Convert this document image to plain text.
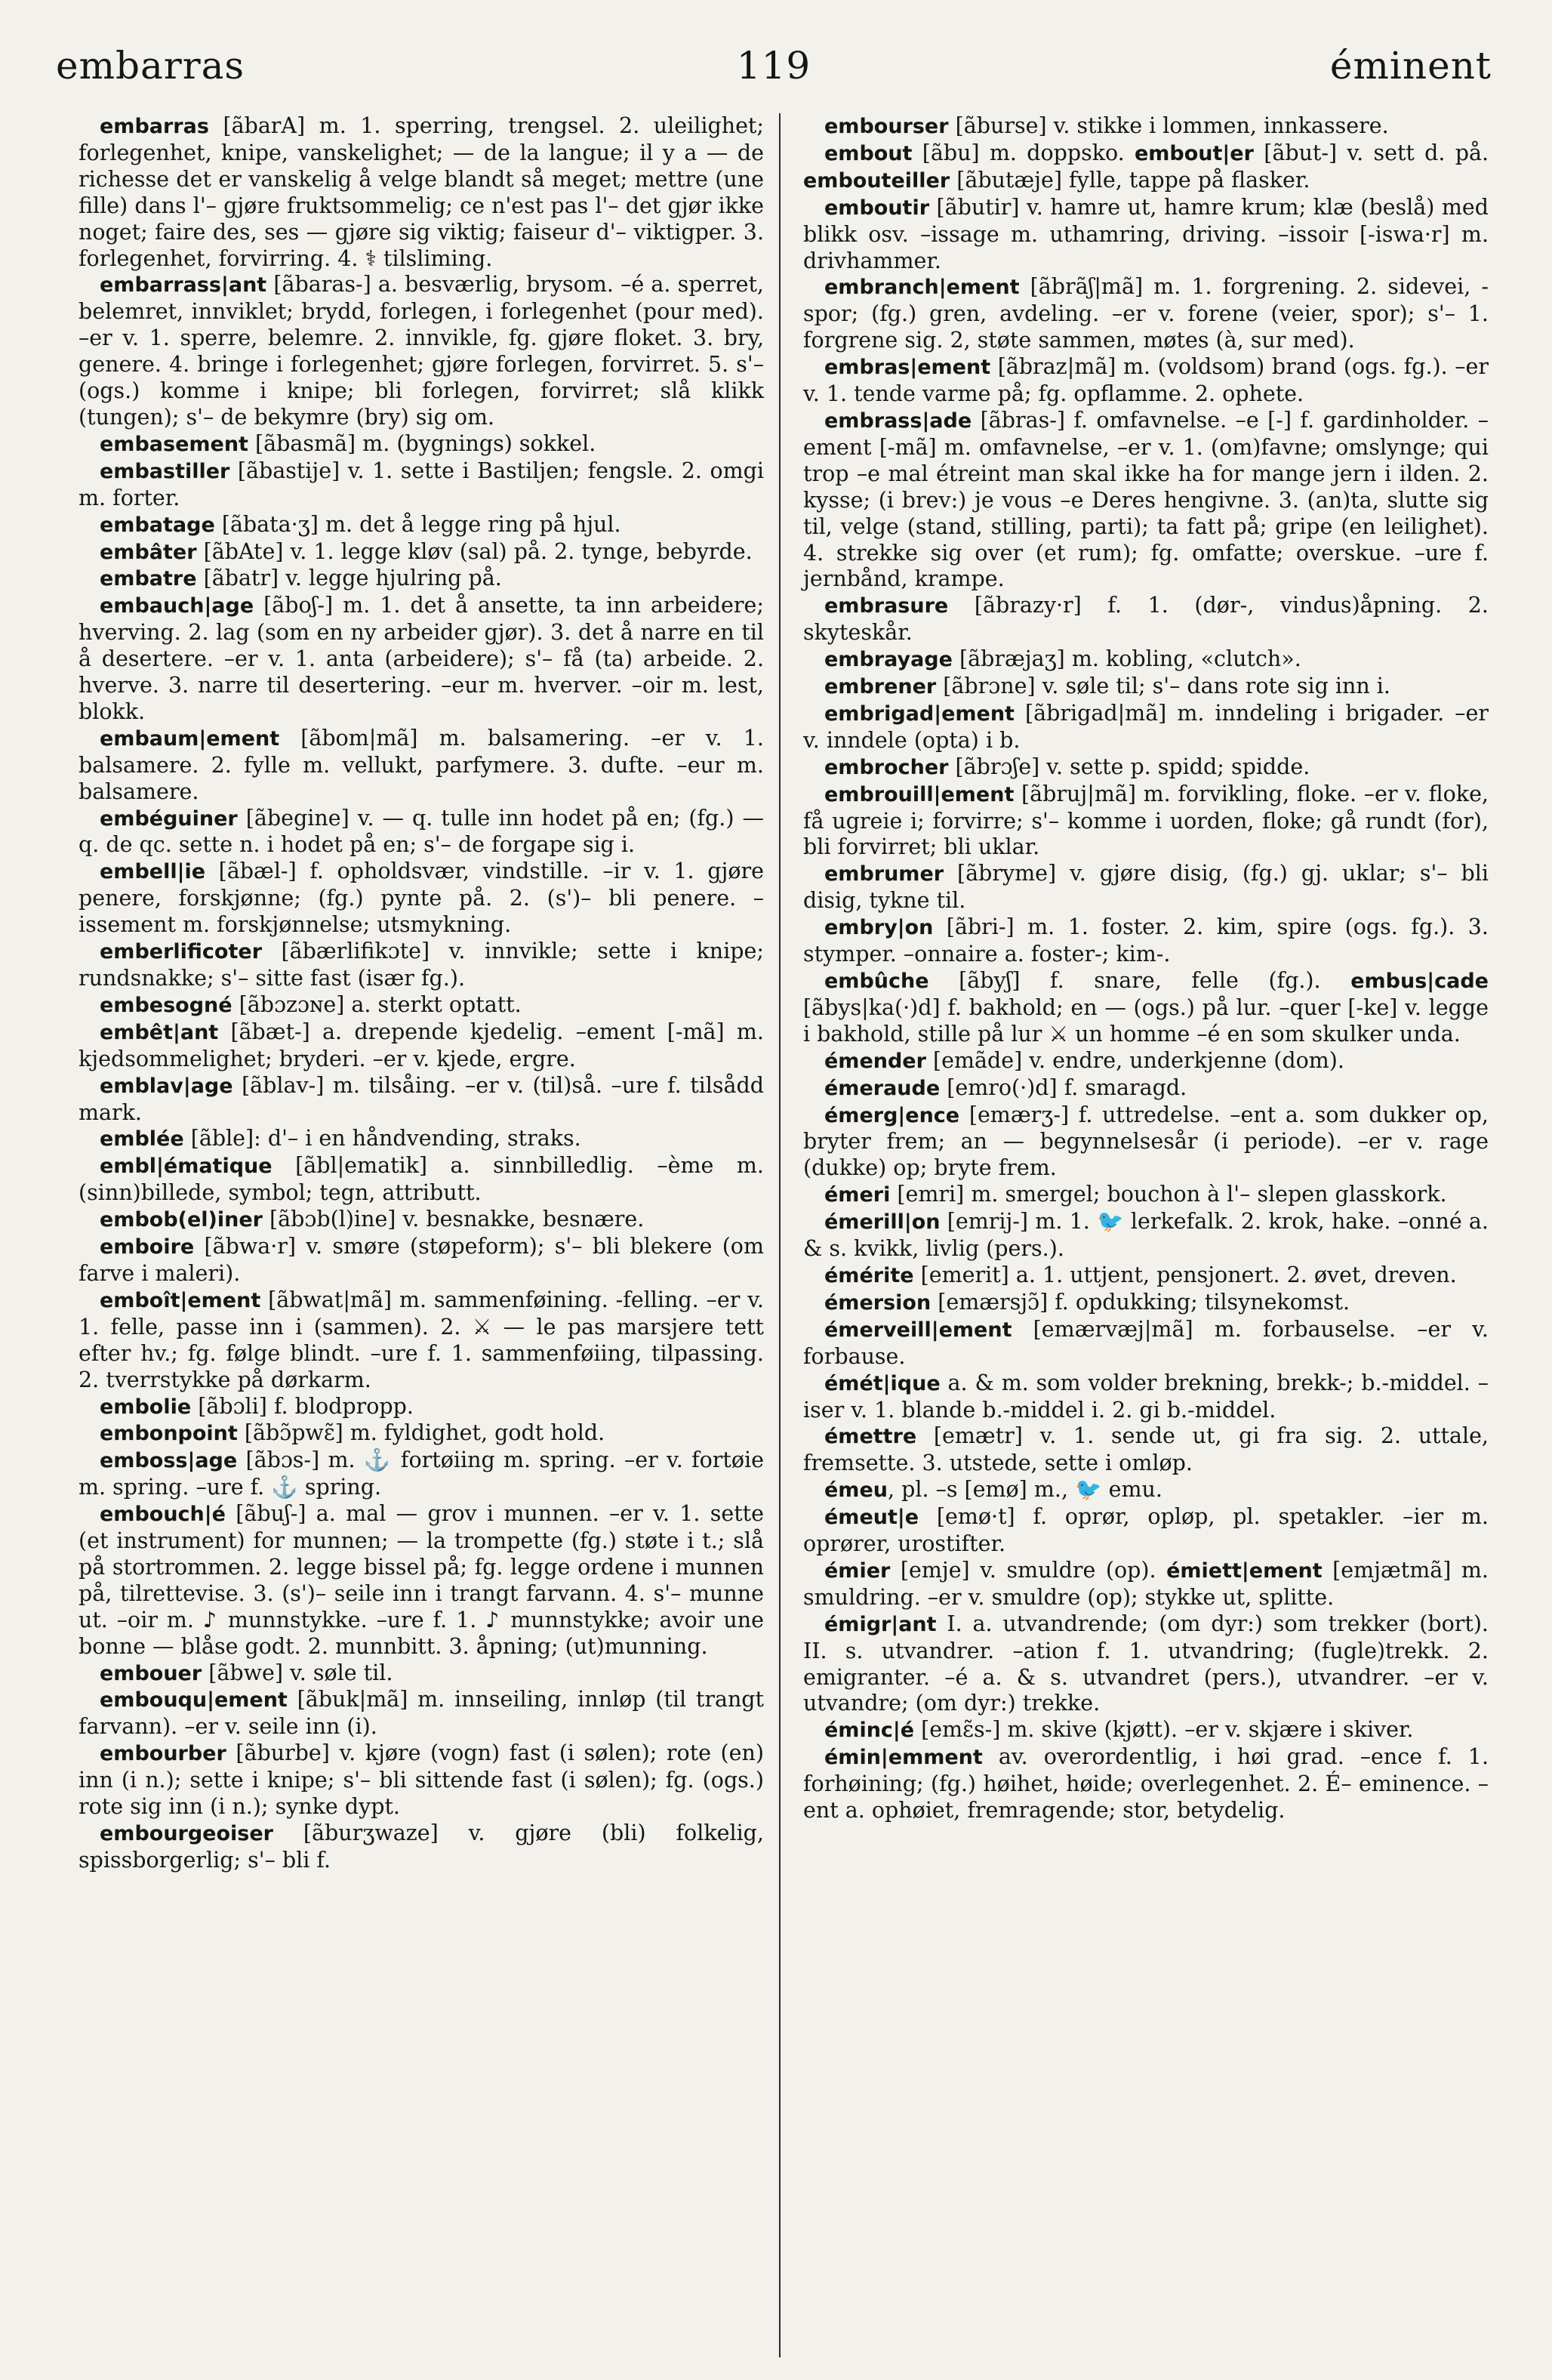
embarras	119	éminent

embarras [ãbarA] m. 1. sperring, trengsel. 2. uleilighet; forlegenhet, knipe, vanskelighet; — de la langue; il y a — de richesse det er vanskelig å velge blandt så meget; mettre (une fille) dans l'– gjøre fruktsommelig; ce n'est pas l'– det gjør ikke noget; faire des, ses — gjøre sig viktig; faiseur d'– viktigper. 3. forlegenhet, forvirring. 4. ⚕ tilsliming.

embarrass|ant [ãbaras-] a. besværlig, brysom. –é a. sperret, belemret, innviklet; brydd, forlegen, i forlegenhet (pour med). –er v. 1. sperre, belemre. 2. innvikle, fg. gjøre floket. 3. bry, genere. 4. bringe i forlegenhet; gjøre forlegen, forvirret. 5. s'– (ogs.) komme i knipe; bli forlegen, forvirret; slå klikk (tungen); s'– de bekymre (bry) sig om.

embasement [ãbasmã] m. (bygnings) sokkel.

embastiller [ãbastije] v. 1. sette i Bastiljen; fengsle. 2. omgi m. forter.

embatage [ãbata·ʒ] m. det å legge ring på hjul.

embâter [ãbAte] v. 1. legge kløv (sal) på. 2. tynge, bebyrde.

embatre [ãbatr] v. legge hjulring på.

embauch|age [ãboʃ-] m. 1. det å ansette, ta inn arbeidere; hverving. 2. lag (som en ny arbeider gjør). 3. det å narre en til å desertere. –er v. 1. anta (arbeidere); s'– få (ta) arbeide. 2. hverve. 3. narre til desertering. –eur m. hverver. –oir m. lest, blokk.

embaum|ement [ãbom|mã] m. balsamering. –er v. 1. balsamere. 2. fylle m. vellukt, parfymere. 3. dufte. –eur m. balsamere.

embéguiner [ãbegine] v. — q. tulle inn hodet på en; (fg.) — q. de qc. sette n. i hodet på en; s'– de forgape sig i.

embell|ie [ãbæl-] f. opholdsvær, vindstille. –ir v. 1. gjøre penere, forskjønne; (fg.) pynte på. 2. (s')– bli penere. –issement m. forskjønnelse; utsmykning.

emberlificoter [ãbærlifikɔte] v. innvikle; sette i knipe; rundsnakke; s'– sitte fast (især fg.).

embesogné [ãbɔzɔɴe] a. sterkt optatt.

embêt|ant [ãbæt-] a. drepende kjedelig. –ement [-mã] m. kjedsommelighet; bryderi. –er v. kjede, ergre.

emblav|age [ãblav-] m. tilsåing. –er v. (til)så. –ure f. tilsådd mark.

emblée [ãble]: d'– i en håndvending, straks.

embl|ématique [ãbl|ematik] a. sinnbilledlig. –ème m. (sinn)billede, symbol; tegn, attributt.

embob(el)iner [ãbɔb(l)ine] v. besnakke, besnære.

emboire [ãbwa·r] v. smøre (støpeform); s'– bli blekere (om farve i maleri).

emboît|ement [ãbwat|mã] m. sammenføining. -felling. –er v. 1. felle, passe inn i (sammen). 2. ⚔ — le pas marsjere tett efter hv.; fg. følge blindt. –ure f. 1. sammenføiing, tilpassing. 2. tverrstykke på dørkarm.

embolie [ãbɔli] f. blodpropp.

embonpoint [ãbɔ̃pwɛ̃] m. fyldighet, godt hold.

emboss|age [ãbɔs-] m. ⚓ fortøiing m. spring. –er v. fortøie m. spring. –ure f. ⚓ spring.

embouch|é [ãbuʃ-] a. mal — grov i munnen. –er v. 1. sette (et instrument) for munnen; — la trompette (fg.) støte i t.; slå på stortrommen. 2. legge bissel på; fg. legge ordene i munnen på, tilrettevise. 3. (s')– seile inn i trangt farvann. 4. s'– munne ut. –oir m. ♪ munnstykke. –ure f. 1. ♪ munnstykke; avoir une bonne — blåse godt. 2. munnbitt. 3. åpning; (ut)munning.

embouer [ãbwe] v. søle til.

embouqu|ement [ãbuk|mã] m. innseiling, innløp (til trangt farvann). –er v. seile inn (i).

embourber [ãburbe] v. kjøre (vogn) fast (i sølen); rote (en) inn (i n.); sette i knipe; s'– bli sittende fast (i sølen); fg. (ogs.) rote sig inn (i n.); synke dypt.

embourgeoiser [ãburʒwaze] v. gjøre (bli) folkelig, spissborgerlig; s'– bli f.

embourser [ãburse] v. stikke i lommen, innkassere.

embout [ãbu] m. doppsko. embout|er [ãbut-] v. sett d. på. embouteiller [ãbutæje] fylle, tappe på flasker.

emboutir [ãbutir] v. hamre ut, hamre krum; klæ (beslå) med blikk osv. –issage m. uthamring, driving. –issoir [-iswa·r] m. drivhammer.

embranch|ement [ãbrãʃ|mã] m. 1. forgrening. 2. sidevei, -spor; (fg.) gren, avdeling. –er v. forene (veier, spor); s'– 1. forgrene sig. 2, støte sammen, møtes (à, sur med).

embras|ement [ãbraz|mã] m. (voldsom) brand (ogs. fg.). –er v. 1. tende varme på; fg. opflamme. 2. ophete.

embrass|ade [ãbras-] f. omfavnelse. –e [-] f. gardinholder. –ement [-mã] m. omfavnelse, –er v. 1. (om)favne; omslynge; qui trop –e mal étreint man skal ikke ha for mange jern i ilden. 2. kysse; (i brev:) je vous –e Deres hengivne. 3. (an)ta, slutte sig til, velge (stand, stilling, parti); ta fatt på; gripe (en leilighet). 4. strekke sig over (et rum); fg. omfatte; overskue. –ure f. jernbånd, krampe.

embrasure [ãbrazy·r] f. 1. (dør-, vindus)åpning. 2. skyteskår.

embrayage [ãbræjaʒ] m. kobling, «clutch».

embrener [ãbrɔne] v. søle til; s'– dans rote sig inn i.

embrigad|ement [ãbrigad|mã] m. inndeling i brigader. –er v. inndele (opta) i b.

embrocher [ãbrɔʃe] v. sette p. spidd; spidde.

embrouill|ement [ãbruj|mã] m. forvikling, floke. –er v. floke, få ugreie i; forvirre; s'– komme i uorden, floke; gå rundt (for), bli forvirret; bli uklar.

embrumer [ãbryme] v. gjøre disig, (fg.) gj. uklar; s'– bli disig, tykne til.

embry|on [ãbri-] m. 1. foster. 2. kim, spire (ogs. fg.). 3. stymper. –onnaire a. foster-; kim-.

embûche [ãbyʃ] f. snare, felle (fg.). embus|cade [ãbys|ka(·)d] f. bakhold; en — (ogs.) på lur. –quer [-ke] v. legge i bakhold, stille på lur ⚔ un homme –é en som skulker unda.

émender [emãde] v. endre, underkjenne (dom).

émeraude [emro(·)d] f. smaragd.

émerg|ence [emærʒ-] f. uttredelse. –ent a. som dukker op, bryter frem; an — begynnelsesår (i periode). –er v. rage (dukke) op; bryte frem.

émeri [emri] m. smergel; bouchon à l'– slepen glasskork.

émerill|on [emrij-] m. 1. 🐦 lerkefalk. 2. krok, hake. –onné a. & s. kvikk, livlig (pers.).

émérite [emerit] a. 1. uttjent, pensjonert. 2. øvet, dreven.

émersion [emærsjɔ̃] f. opdukking; tilsynekomst.

émerveill|ement [emærvæj|mã] m. forbauselse. –er v. forbause.

émét|ique a. & m. som volder brekning, brekk-; b.-middel. –iser v. 1. blande b.-middel i. 2. gi b.-middel.

émettre [emætr] v. 1. sende ut, gi fra sig. 2. uttale, fremsette. 3. utstede, sette i omløp.

émeu, pl. –s [emø] m., 🐦 emu.

émeut|e [emø·t] f. oprør, opløp, pl. spetakler. –ier m. oprører, urostifter.

émier [emje] v. smuldre (op). émiett|ement [emjætmã] m. smuldring. –er v. smuldre (op); stykke ut, splitte.

émigr|ant I. a. utvandrende; (om dyr:) som trekker (bort). II. s. utvandrer. –ation f. 1. utvandring; (fugle)trekk. 2. emigranter. –é a. & s. utvandret (pers.), utvandrer. –er v. utvandre; (om dyr:) trekke.

éminc|é [emɛ̃s-] m. skive (kjøtt). –er v. skjære i skiver.

émin|emment av. overordentlig, i høi grad. –ence f. 1. forhøining; (fg.) høihet, høide; overlegenhet. 2. É– eminence. –ent a. ophøiet, fremragende; stor, betydelig.
